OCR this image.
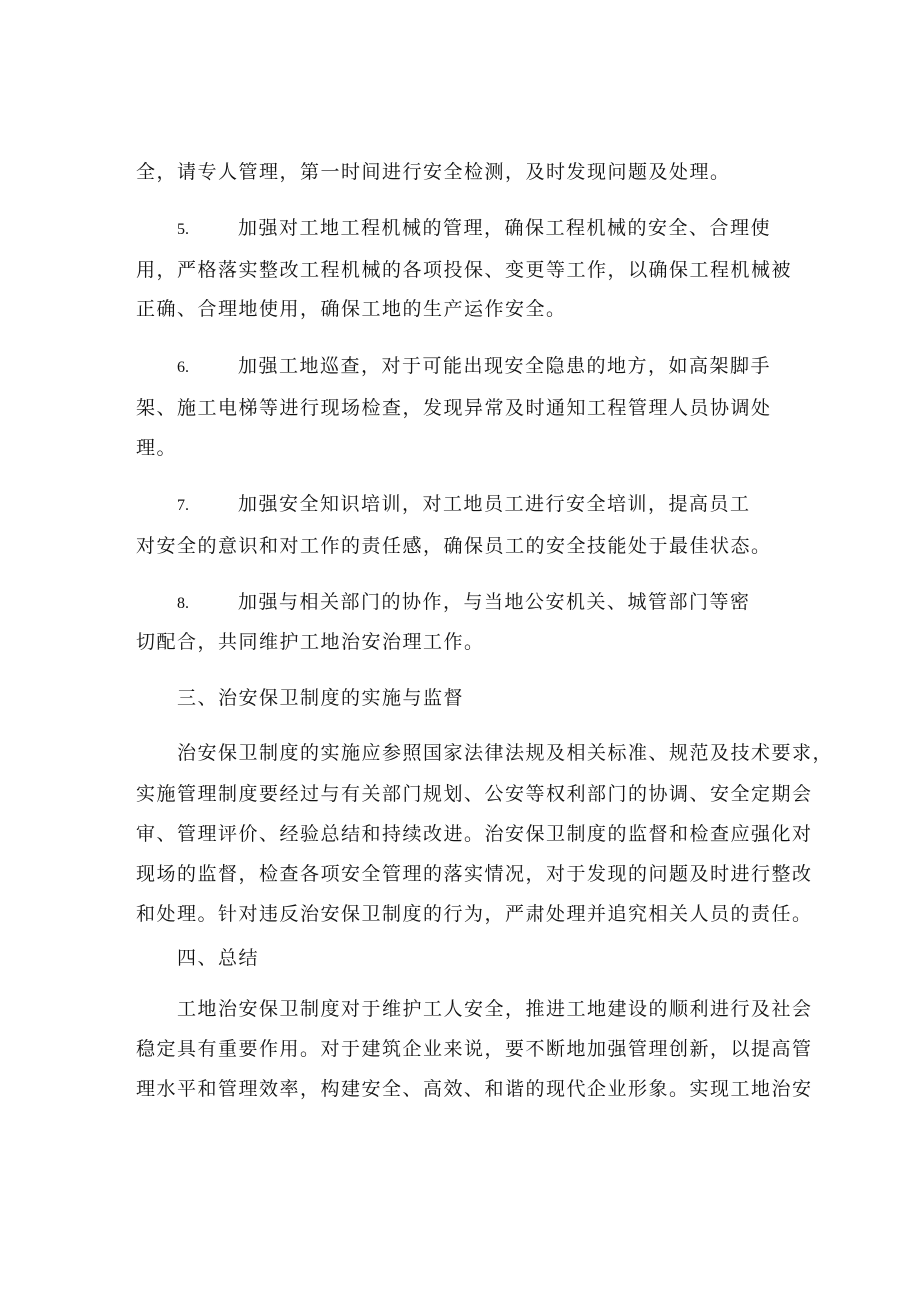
全，请专人管理，第一时间进行安全检测，及时发现问题及处理。
5.	加强对工地工程机械的管理，确保工程机械的安全、合理使
用，严格落实整改工程机械的各项投保、变更等工作，以确保工程机械被
正确、合理地使用，确保工地的生产运作安全。
6.	加强工地巡查，对于可能出现安全隐患的地方，如高架脚手
架、施工电梯等进行现场检查，发现异常及时通知工程管理人员协调处
理。
7.	加强安全知识培训，对工地员工进行安全培训，提高员工
对安全的意识和对工作的责任感，确保员工的安全技能处于最佳状态。
8.	加强与相关部门的协作，与当地公安机关、城管部门等密
切配合，共同维护工地治安治理工作。
三、治安保卫制度的实施与监督
治安保卫制度的实施应参照国家法律法规及相关标准、规范及技术要求，
实施管理制度要经过与有关部门规划、公安等权利部门的协调、安全定期会
审、管理评价、经验总结和持续改进。治安保卫制度的监督和检查应强化对
现场的监督，检查各项安全管理的落实情况，对于发现的问题及时进行整改
和处理。针对违反治安保卫制度的行为，严肃处理并追究相关人员的责任。
四、总结
工地治安保卫制度对于维护工人安全，推进工地建设的顺利进行及社会
稳定具有重要作用。对于建筑企业来说，要不断地加强管理创新，以提高管
理水平和管理效率，构建安全、高效、和谐的现代企业形象。实现工地治安
